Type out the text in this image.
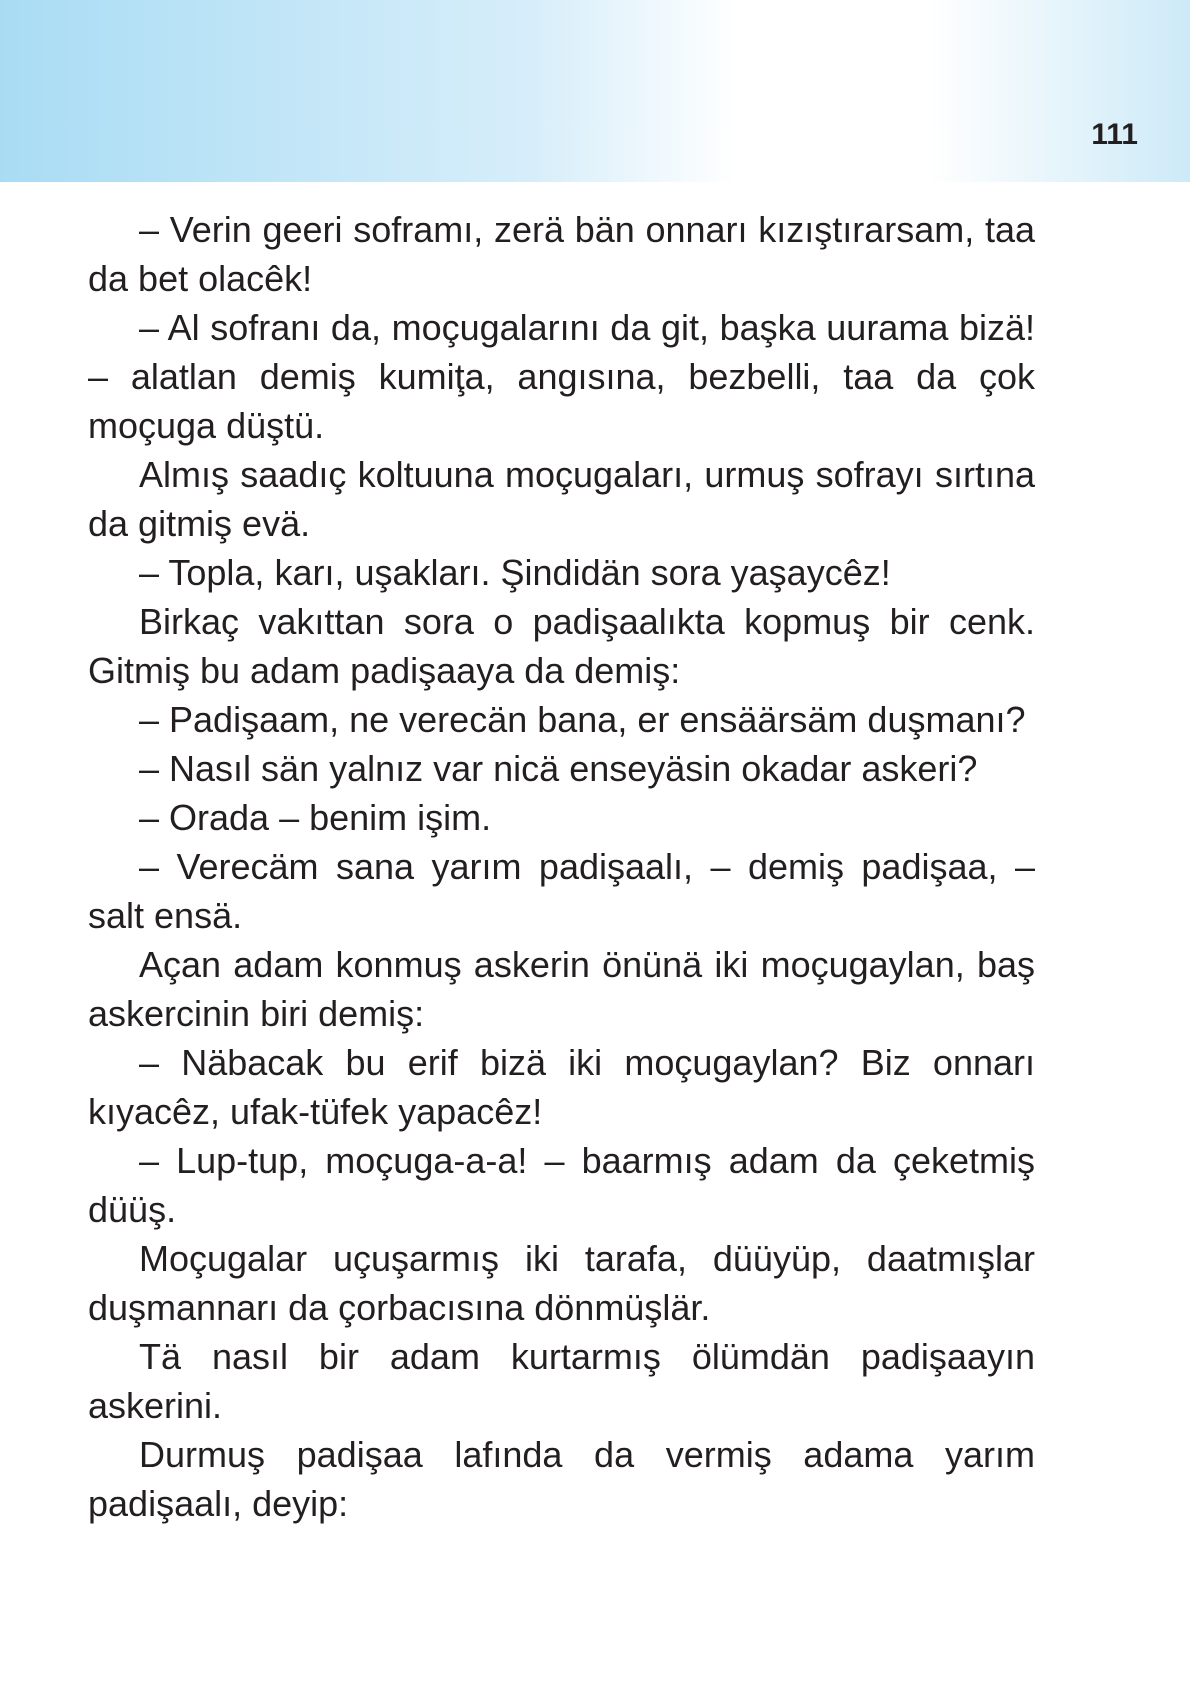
111

– Verin geeri soframı, zerä bän onnarı kızıştırarsam, taa da bet olacêk!

– Al sofranı da, moçugalarını da git, başka uurama bizä! – alatlan demiş kumiţa, angısına, bezbelli, taa da çok moçuga düştü.

Almış saadıç koltuuna moçugaları, urmuş sofrayı sırtına da gitmiş evä.

– Topla, karı, uşakları. Şindidän sora yaşaycêz!

Birkaç vakıttan sora o padişaalıkta kopmuş bir cenk. Gitmiş bu adam padişaaya da demiş:

– Padişaam, ne verecän bana, er ensäärsäm duşmanı?

– Nasıl sän yalnız var nicä enseyäsin okadar askeri?

– Orada – benim işim.

– Verecäm sana yarım padişaalı, – demiş padişaa, – salt ensä.

Açan adam konmuş askerin önünä iki moçugaylan, baş askercinin biri demiş:

– Näbacak bu erif bizä iki moçugaylan? Biz onnarı kıyacêz, ufak-tüfek yapacêz!

– Lup-tup, moçuga-a-a! – baarmış adam da çeketmiş düüş.

Moçugalar uçuşarmış iki tarafa, düüyüp, daatmışlar duşmannarı da çorbacısına dönmüşlär.

Tä nasıl bir adam kurtarmış ölümdän padişaayın askerini.

Durmuş padişaa lafında da vermiş adama yarım padişaalı, deyip:
